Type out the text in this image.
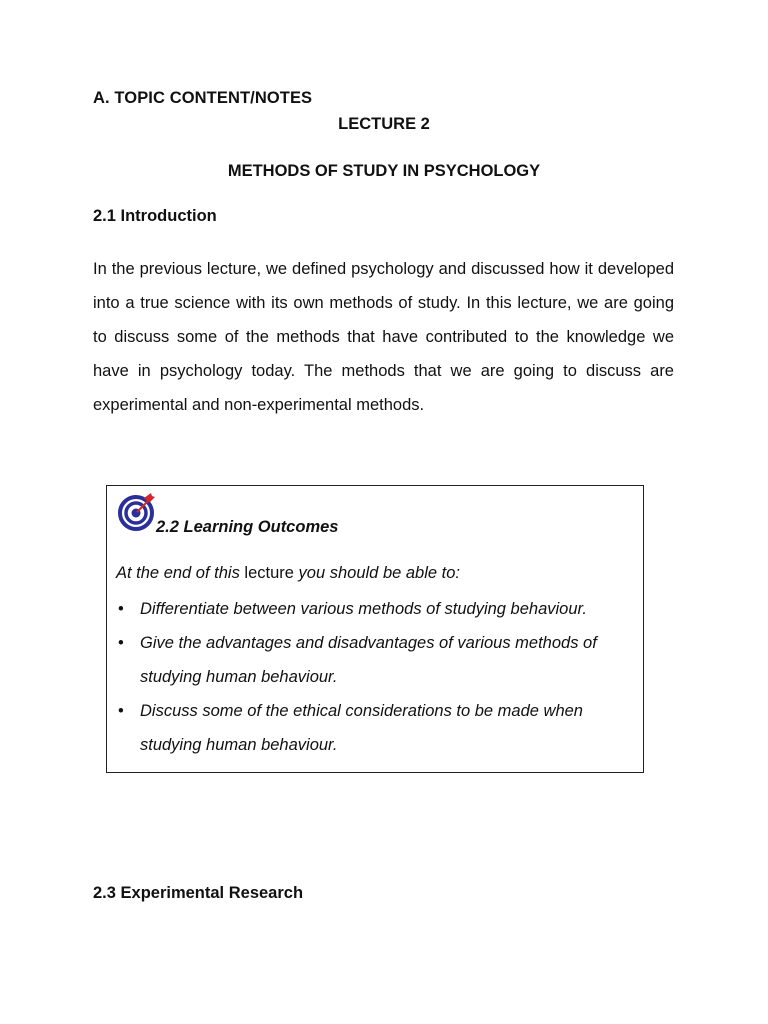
A. TOPIC CONTENT/NOTES
LECTURE 2
METHODS OF STUDY IN PSYCHOLOGY
2.1 Introduction
In the previous lecture, we defined psychology and discussed how it developed into a true science with its own methods of study. In this lecture, we are going to discuss some of the methods that have contributed to the knowledge we have in psychology today. The methods that we are going to discuss are experimental and non-experimental methods.
2.2 Learning Outcomes
At the end of this lecture you should be able to:
• Differentiate between various methods of studying behaviour.
• Give the advantages and disadvantages of various methods of studying human behaviour.
• Discuss some of the ethical considerations to be made when studying human behaviour.
2.3 Experimental Research
